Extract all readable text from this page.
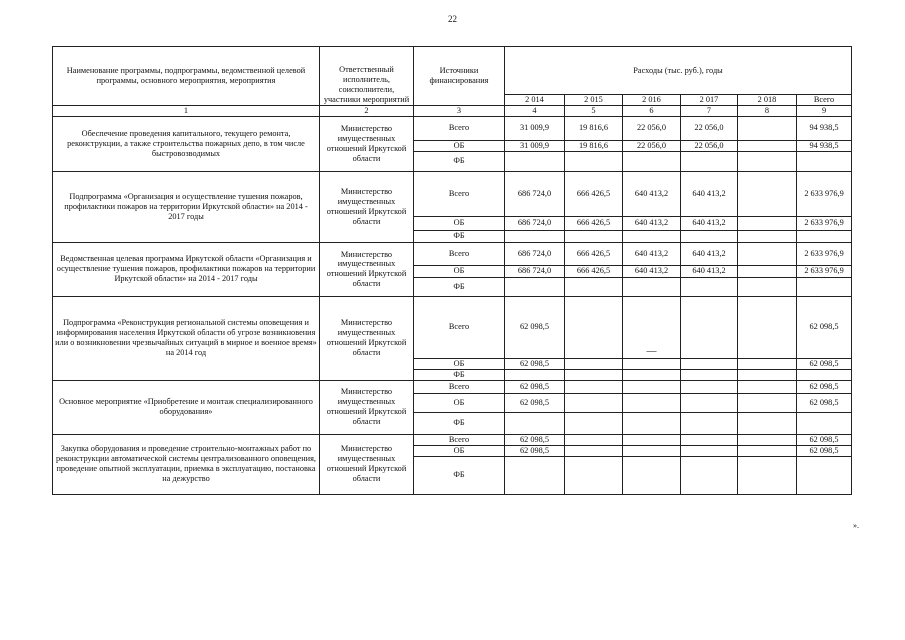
22
Наименование программы, подпрограммы, ведомственной целевой программы, основного мероприятия, мероприятия	Ответственный исполнитель, соисполнители, участники мероприятий	Источники финансирования	Расходы (тыс. руб.), годы					
			2 014	2 015	2 016	2 017	2 018	Всего
1	2	3	4	5	6	7	8	9
Обеспечение проведения капитального, текущего ремонта, реконструкции, а также строительства пожарных депо, в том числе быстровозводимых	Министерство имущественных отношений Иркутской области	Всего	31 009,9	19 816,6	22 056,0	22 056,0		94 938,5
		ОБ	31 009,9	19 816,6	22 056,0	22 056,0		94 938,5
		ФБ						
Подпрограмма «Организация и осуществление тушения пожаров, профилактики пожаров на территории Иркутской области» на 2014 - 2017 годы	Министерство имущественных отношений Иркутской области	Всего	686 724,0	666 426,5	640 413,2	640 413,2		2 633 976,9
		ОБ	686 724,0	666 426,5	640 413,2	640 413,2		2 633 976,9
		ФБ						
Ведомственная целевая программа Иркутской области «Организация и осуществление тушения пожаров, профилактики пожаров на территории Иркутской области» на 2014 - 2017 годы	Министерство имущественных отношений Иркутской области	Всего	686 724,0	666 426,5	640 413,2	640 413,2		2 633 976,9
		ОБ	686 724,0	666 426,5	640 413,2	640 413,2		2 633 976,9
		ФБ						
Подпрограмма «Реконструкция региональной системы оповещения и информирования населения Иркутской области об угрозе возникновения или о возникновении чрезвычайных ситуаций в мирное и военное время» на 2014 год	Министерство имущественных отношений Иркутской области	Всего	62 098,5		—			62 098,5
		ОБ	62 098,5					62 098,5
		ФБ						
Основное мероприятие «Приобретение и монтаж специализированного оборудования»	Министерство имущественных отношений Иркутской области	Всего	62 098,5					62 098,5
		ОБ	62 098,5					62 098,5
		ФБ						
Закупка оборудования и проведение строительно-монтажных работ по реконструкции автоматической системы централизованного оповещения, проведение опытной эксплуатации, приемка в эксплуатацию, постановка на дежурство	Министерство имущественных отношений Иркутской области	Всего	62 098,5					62 098,5
		ОБ	62 098,5					62 098,5
		ФБ						
».
